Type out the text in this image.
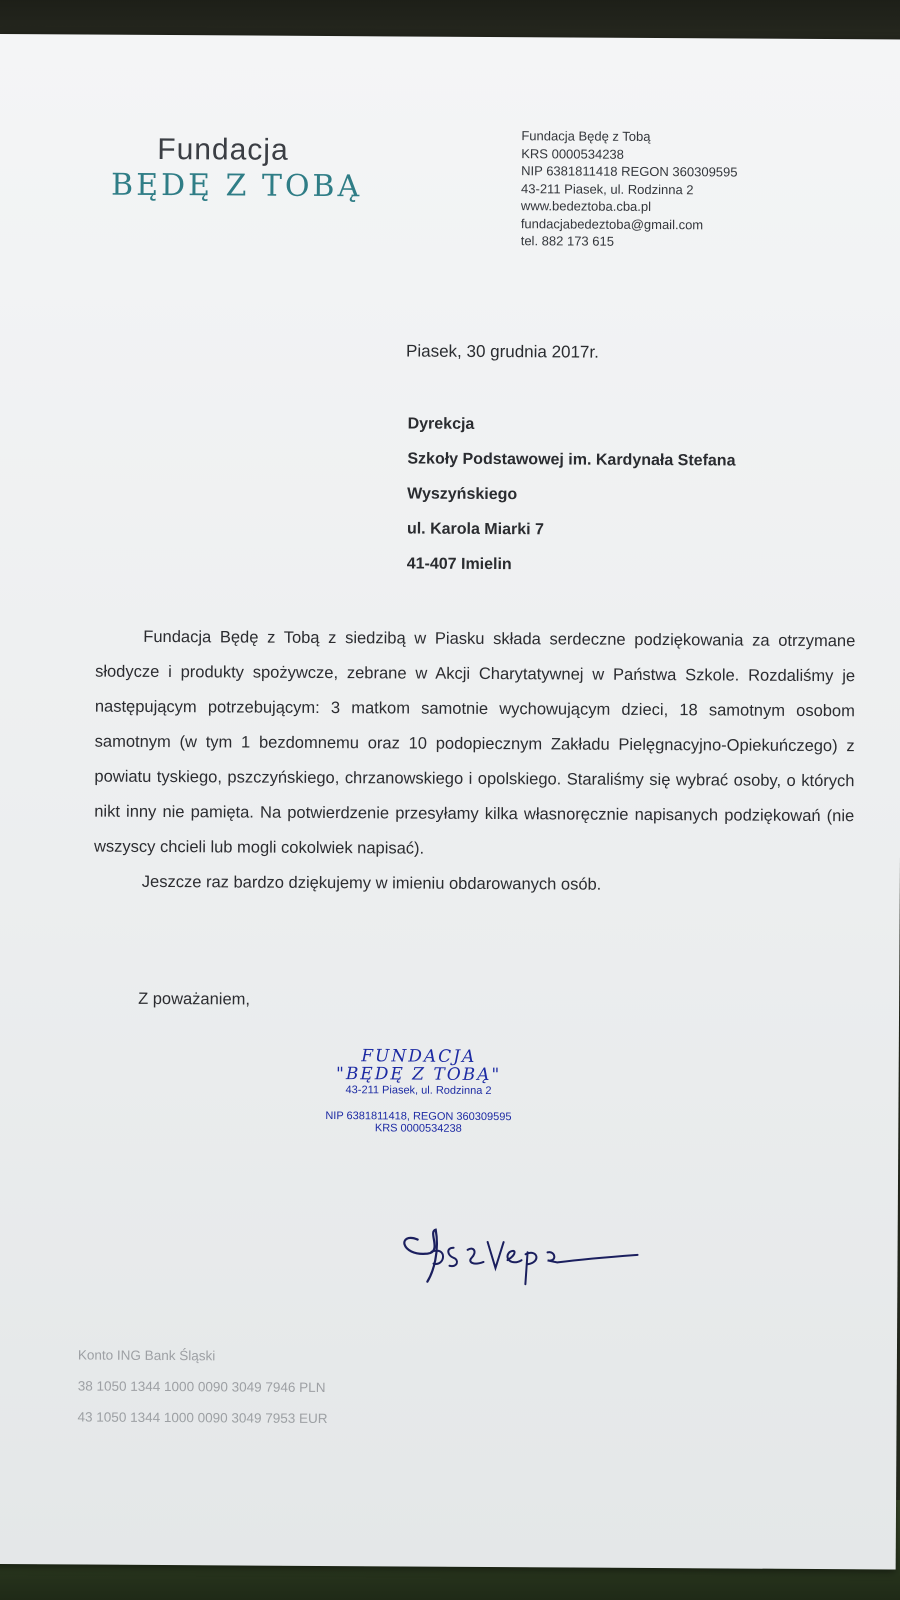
Fundacja
BĘDĘ Z TOBĄ
Fundacja Będę z Tobą
KRS 0000534238
NIP 6381811418 REGON 360309595
43-211 Piasek, ul. Rodzinna 2
www.bedeztoba.cba.pl
fundacjabedeztoba@gmail.com
tel. 882 173 615
Piasek, 30 grudnia 2017r.
Dyrekcja
Szkoły Podstawowej im. Kardynała Stefana
Wyszyńskiego
ul. Karola Miarki 7
41-407 Imielin

Fundacja Będę z Tobą z siedzibą w Piasku składa serdeczne podziękowania za otrzymane słodycze i produkty spożywcze, zebrane w Akcji Charytatywnej w Państwa Szkole. Rozdaliśmy je następującym potrzebującym: 3 matkom samotnie wychowującym dzieci, 18 samotnym osobom samotnym (w tym 1 bezdomnemu oraz 10 podopiecznym Zakładu Pielęgnacyjno-Opiekuńczego) z powiatu tyskiego, pszczyńskiego, chrzanowskiego i opolskiego. Staraliśmy się wybrać osoby, o których nikt inny nie pamięta. Na potwierdzenie przesyłamy kilka własnoręcznie napisanych podziękowań (nie wszyscy chcieli lub mogli cokolwiek napisać).

Jeszcze raz bardzo dziękujemy w imieniu obdarowanych osób.

Z poważaniem,
FUNDACJA
"BĘDĘ Z TOBĄ"
43-211 Piasek, ul. Rodzinna 2
NIP 6381811418, REGON 360309595
KRS 0000534238
Konto ING Bank Śląski
38 1050 1344 1000 0090 3049 7946 PLN
43 1050 1344 1000 0090 3049 7953 EUR
